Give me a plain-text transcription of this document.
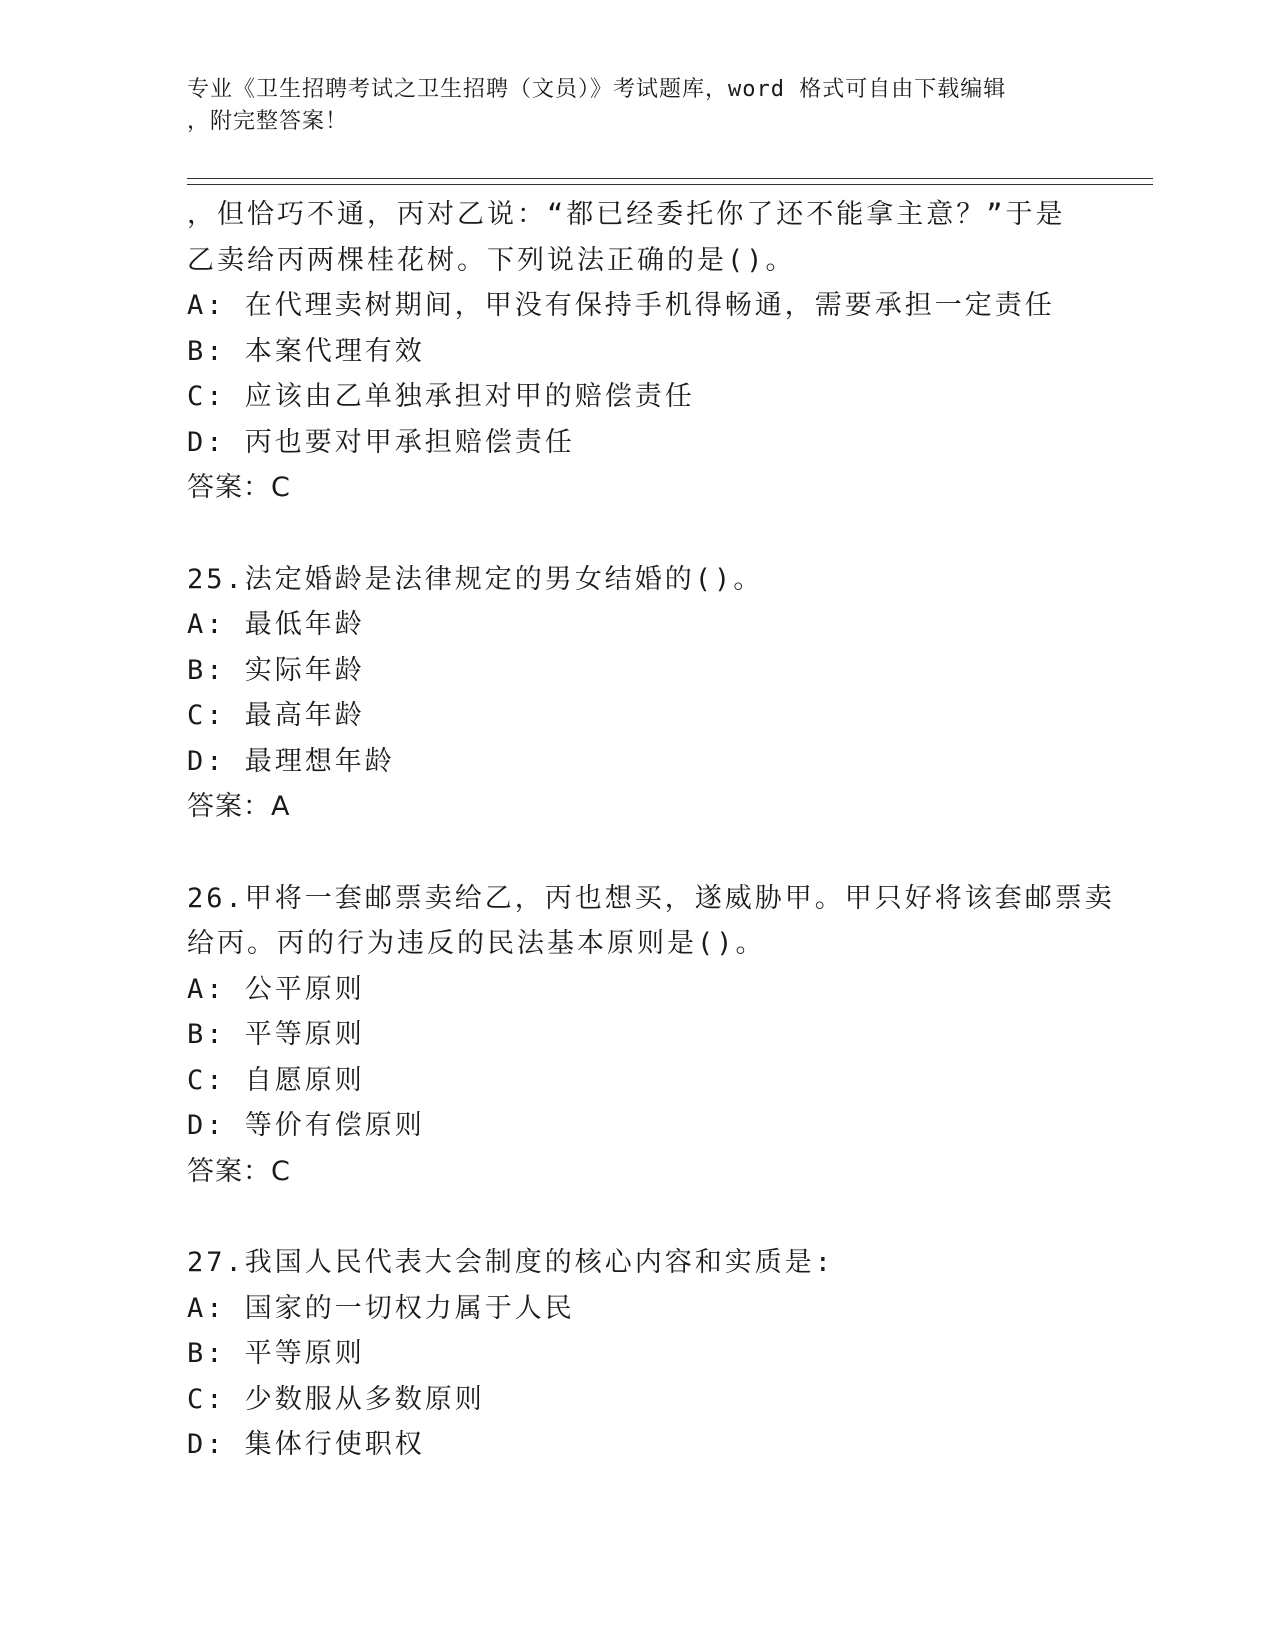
专业《卫生招聘考试之卫生招聘（文员）》考试题库，word 格式可自由下载编辑
，附完整答案！
，但恰巧不通，丙对乙说：“都已经委托你了还不能拿主意？”于是
乙卖给丙两棵桂花树。下列说法正确的是()。
A: 在代理卖树期间，甲没有保持手机得畅通，需要承担一定责任
B: 本案代理有效
C: 应该由乙单独承担对甲的赔偿责任
D: 丙也要对甲承担赔偿责任
答案：C
25.法定婚龄是法律规定的男女结婚的()。
A: 最低年龄
B: 实际年龄
C: 最高年龄
D: 最理想年龄
答案：A
26.甲将一套邮票卖给乙，丙也想买，遂威胁甲。甲只好将该套邮票卖
给丙。丙的行为违反的民法基本原则是()。
A: 公平原则
B: 平等原则
C: 自愿原则
D: 等价有偿原则
答案：C
27.我国人民代表大会制度的核心内容和实质是:
A: 国家的一切权力属于人民
B: 平等原则
C: 少数服从多数原则
D: 集体行使职权
